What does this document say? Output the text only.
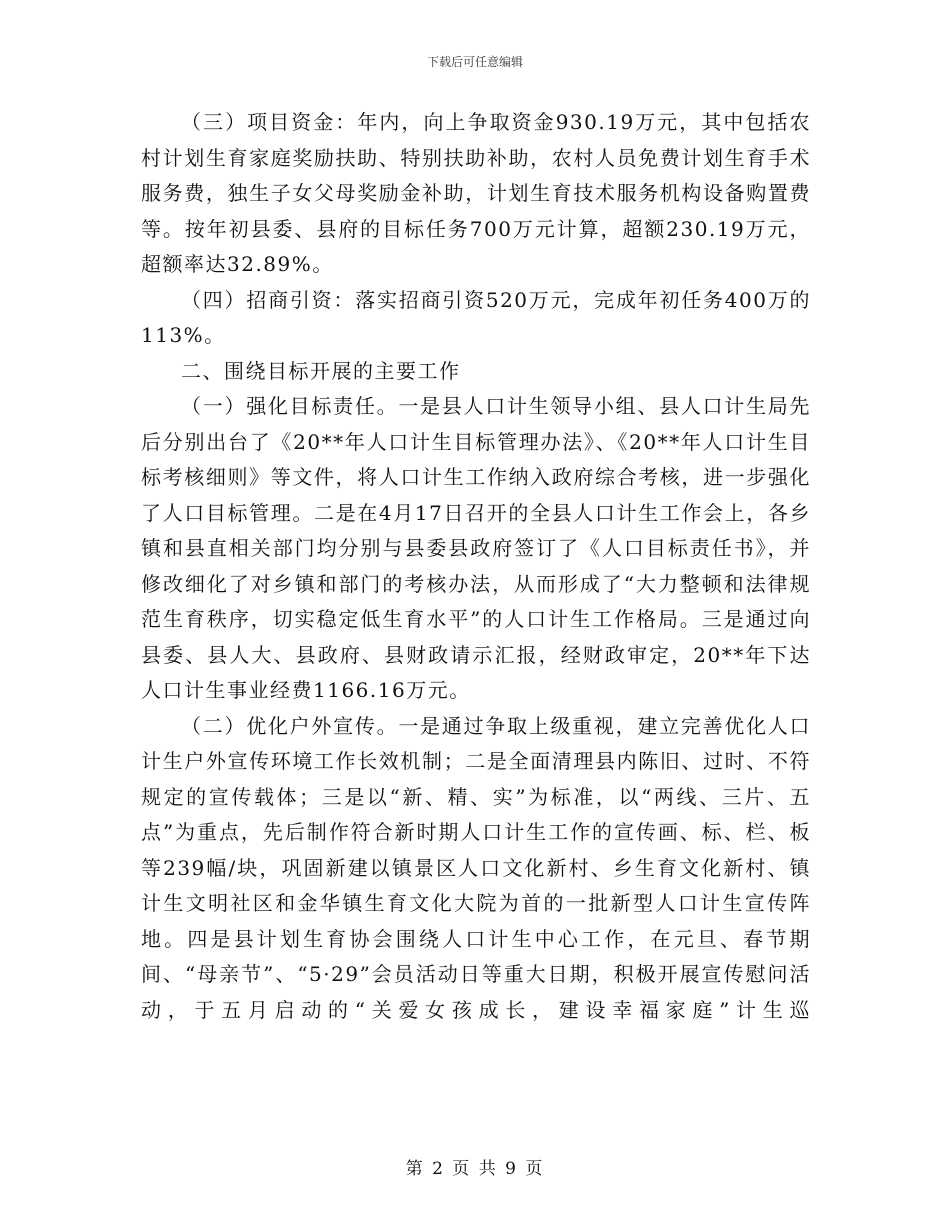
下载后可任意编辑

（三）项目资金：年内，向上争取资金930.19万元，其中包括农村计划生育家庭奖励扶助、特别扶助补助，农村人员免费计划生育手术服务费，独生子女父母奖励金补助，计划生育技术服务机构设备购置费等。按年初县委、县府的目标任务700万元计算，超额230.19万元，超额率达32.89%。

（四）招商引资：落实招商引资520万元，完成年初任务400万的113%。

二、围绕目标开展的主要工作

（一）强化目标责任。一是县人口计生领导小组、县人口计生局先后分别出台了《20**年人口计生目标管理办法》、《20**年人口计生目标考核细则》等文件，将人口计生工作纳入政府综合考核，进一步强化了人口目标管理。二是在4月17日召开的全县人口计生工作会上，各乡镇和县直相关部门均分别与县委县政府签订了《人口目标责任书》，并修改细化了对乡镇和部门的考核办法，从而形成了“大力整顿和法律规范生育秩序，切实稳定低生育水平”的人口计生工作格局。三是通过向县委、县人大、县政府、县财政请示汇报，经财政审定，20**年下达人口计生事业经费1166.16万元。

（二）优化户外宣传。一是通过争取上级重视，建立完善优化人口计生户外宣传环境工作长效机制；二是全面清理县内陈旧、过时、不符规定的宣传载体；三是以“新、精、实”为标准，以“两线、三片、五点”为重点，先后制作符合新时期人口计生工作的宣传画、标、栏、板等239幅/块，巩固新建以镇景区人口文化新村、乡生育文化新村、镇计生文明社区和金华镇生育文化大院为首的一批新型人口计生宣传阵地。四是县计划生育协会围绕人口计生中心工作，在元旦、春节期间、“母亲节”、“5·29”会员活动日等重大日期，积极开展宣传慰问活动，于五月启动的“关爱女孩成长，建设幸福家庭”计生巡

第 2 页 共 9 页
